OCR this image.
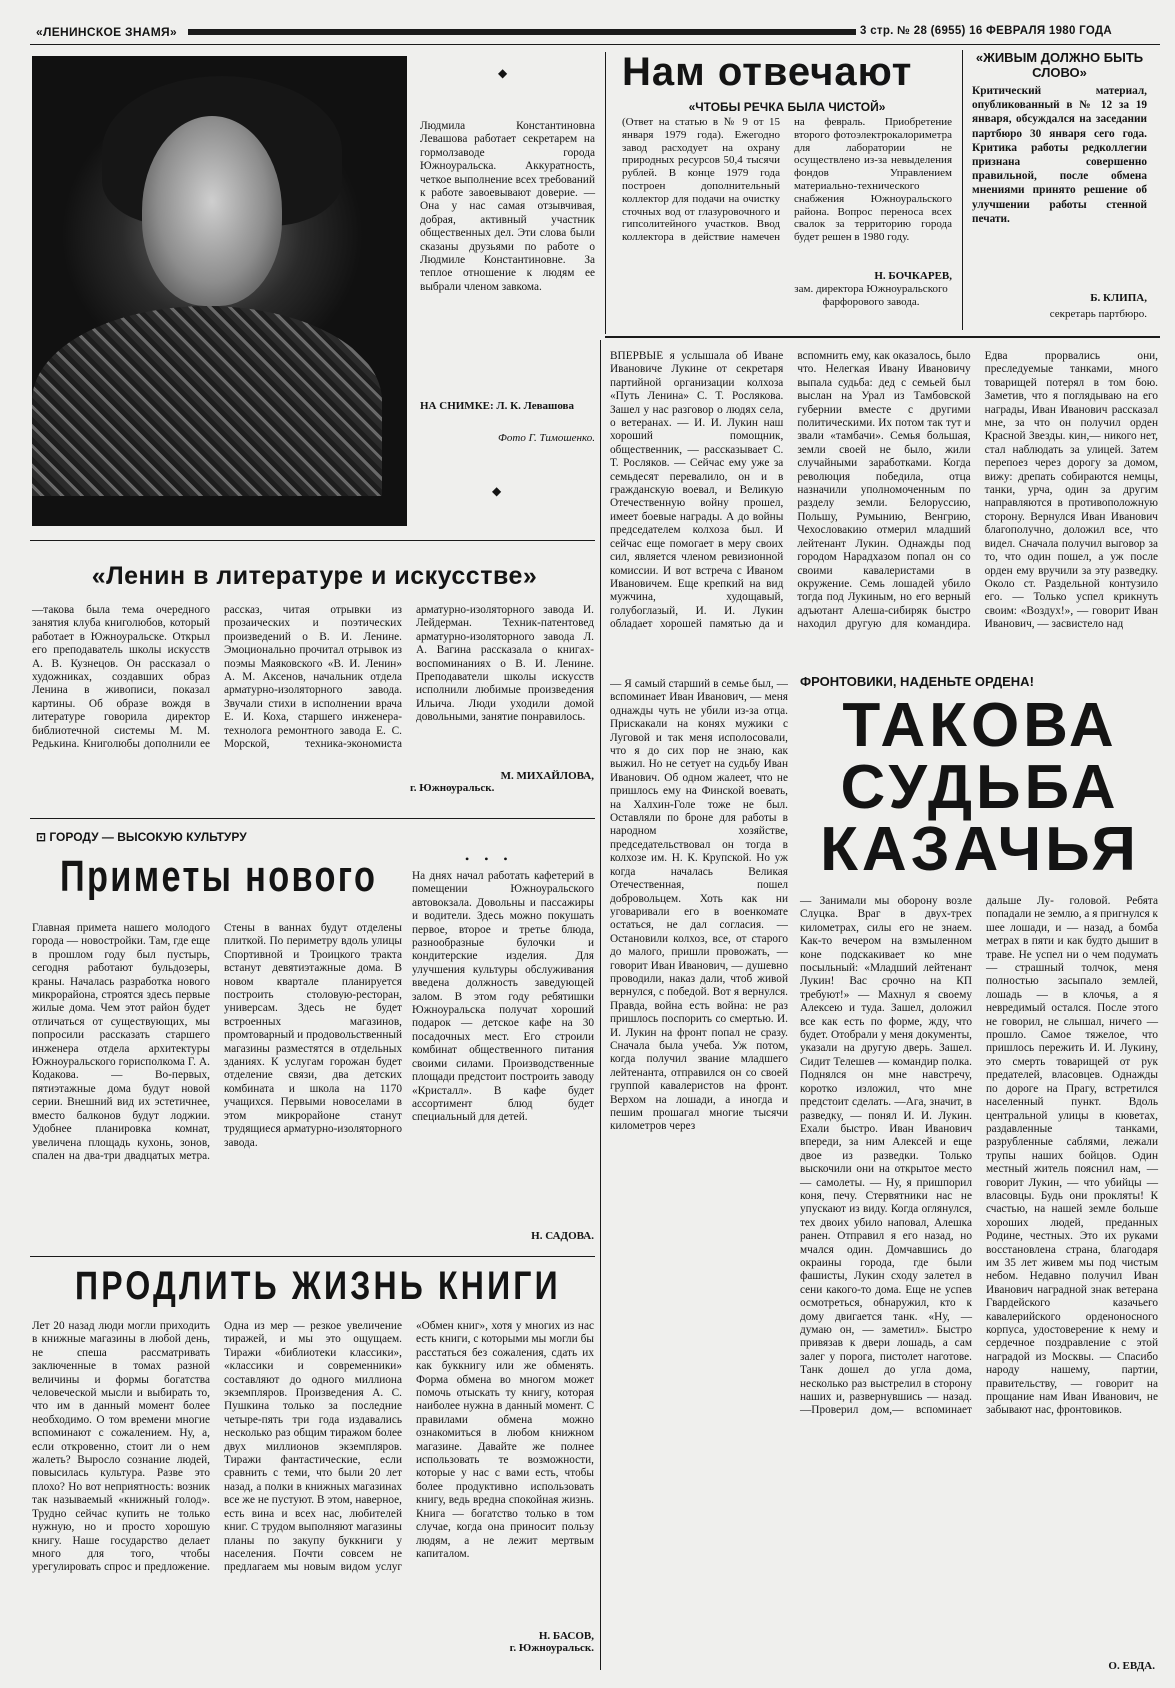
«ЛЕНИНСКОЕ ЗНАМЯ»	3 стр. № 28 (6955) 16 ФЕВРАЛЯ 1980 ГОДА
Людмила Константиновна Левашова работает секретарем на гормолзаводе города Южноуральска. Аккуратность, четкое выполнение всех требований к работе завоевывают доверие. —Она у нас самая отзывчивая, добрая, активный участник общественных дел. Эти слова были сказаны друзьями по работе о Людмиле Константиновне. За теплое отношение к людям ее выбрали членом завкома.
НА СНИМКЕ: Л. К. Левашова
Фото Г. Тимошенко.
◆
◆
Нам отвечают
«ЧТОБЫ РЕЧКА БЫЛА ЧИСТОЙ»
(Ответ на статью в № 9 от 15 января 1979 года). Ежегодно завод расходует на охрану природных ресурсов 50,4 тысячи рублей. В конце 1979 года построен дополнительный коллектор для подачи на очистку сточных вод от глазуровочного и гипсолитейного участков. Ввод коллектора в действие намечен на февраль. Приобретение второго фотоэлектрокалориметра для лаборатории не осуществлено из-за невыделения фондов Управлением материально-технического снабжения Южноуральского района. Вопрос переноса всех свалок за территорию города будет решен в 1980 году.
Н. БОЧКАРЕВ,
зам. директора Южноуральского фарфорового завода.
«ЖИВЫМ ДОЛЖНО БЫТЬ СЛОВО»
Критический материал, опубликованный в № 12 за 19 января, обсуждался на заседании партбюро 30 января сего года. Критика работы редколлегии признана совершенно правильной, после обмена мнениями принято решение об улучшении работы стенной печати.
Б. КЛИПА,
секретарь партбюро.
«Ленин в литературе и искусстве»
—такова была тема очередного занятия клуба книголюбов, который работает в Южноуральске. Открыл его преподаватель школы искусств А. В. Кузнецов. Он рассказал о художниках, создавших образ Ленина в живописи, показал картины. Об образе вождя в литературе говорила директор библиотечной системы М. М. Редькина. Книголюбы дополнили ее рассказ, читая отрывки из прозаических и поэтических произведений о В. И. Ленине. Эмоционально прочитал отрывок из поэмы Маяковского «В. И. Ленин» А. М. Аксенов, начальник отдела арматурно-изоляторного завода. Звучали стихи в исполнении врача Е. И. Коха, старшего инженера-технолога ремонтного завода Е. С. Морской, техника-экономиста арматурно-изоляторного завода И. Лейдерман. Техник-патентовед арматурно-изоляторного завода Л. А. Вагина рассказала о книгах-воспоминаниях о В. И. Ленине. Преподаватели школы искусств исполнили любимые произведения Ильича. Люди уходили домой довольными, занятие понравилось.
М. МИХАЙЛОВА,
г. Южноуральск.
⊡ ГОРОДУ — ВЫСОКУЮ КУЛЬТУРУ
Приметы нового
Главная примета нашего молодого города — новостройки. Там, где еще в прошлом году был пустырь, сегодня работают бульдозеры, краны. Началась разработка нового микрорайона, строятся здесь первые жилые дома. Чем этот район будет отличаться от существующих, мы попросили рассказать старшего инженера отдела архитектуры Южноуральского горисполкома Г. А. Кодакова. — Во-первых, пятиэтажные дома будут новой серии. Внешний вид их эстетичнее, вместо балконов будут лоджии. Удобнее планировка комнат, увеличена площадь кухонь, зонов, спален на два-три двадцатых метра. Стены в ваннах будут отделены плиткой. По периметру вдоль улицы Спортивной и Троицкого тракта встанут девятиэтажные дома. В новом квартале планируется построить столовую-ресторан, универсам. Здесь не будет встроенных магазинов, промтоварный и продовольственный магазины разместятся в отдельных зданиях. К услугам горожан будет отделение связи, два детских комбината и школа на 1170 учащихся. Первыми новоселами в этом микрорайоне станут трудящиеся арматурно-изоляторного завода.
• • •
На днях начал работать кафетерий в помещении Южноуральского автовокзала. Довольны и пассажиры и водители. Здесь можно покушать первое, второе и третье блюда, разнообразные булочки и кондитерские изделия. Для улучшения культуры обслуживания введена должность заведующей залом. В этом году ребятишки Южноуральска получат хороший подарок — детское кафе на 30 посадочных мест. Его строили комбинат общественного питания своими силами. Производственные площади предстоит построить заводу «Кристалл». В кафе будет ассортимент блюд будет специальный для детей.
Н. САДОВА.
ПРОДЛИТЬ ЖИЗНЬ КНИГИ
Лет 20 назад люди могли приходить в книжные магазины в любой день, не спеша рассматривать заключенные в томах разной величины и формы богатства человеческой мысли и выбирать то, что им в данный момент более необходимо. О том времени многие вспоминают с сожалением. Ну, а, если откровенно, стоит ли о нем жалеть? Выросло сознание людей, повысилась культура. Разве это плохо? Но вот неприятность: возник так называемый «книжный голод». Трудно сейчас купить не только нужную, но и просто хорошую книгу. Наше государство делает много для того, чтобы урегулировать спрос и предложение. Одна из мер — резкое увеличение тиражей, и мы это ощущаем. Тиражи «библиотеки классики», «классики и современники» составляют до одного миллиона экземпляров. Произведения А. С. Пушкина только за последние четыре-пять три года издавались несколько раз общим тиражом более двух миллионов экземпляров. Тиражи фантастические, если сравнить с теми, что были 20 лет назад, а полки в книжных магазинах все же не пустуют. В этом, наверное, есть вина и всех нас, любителей книг. С трудом выполняют магазины планы по закупу буккниги у населения. Почти совсем не предлагаем мы новым видом услуг «Обмен книг», хотя у многих из нас есть книги, с которыми мы могли бы расстаться без сожаления, сдать их как буккнигу или же обменять. Форма обмена во многом может помочь отыскать ту книгу, которая наиболее нужна в данный момент. С правилами обмена можно ознакомиться в любом книжном магазине. Давайте же полнее использовать те возможности, которые у нас с вами есть, чтобы более продуктивно использовать книгу, ведь вредна спокойная жизнь. Книга — богатство только в том случае, когда она приносит пользу людям, а не лежит мертвым капиталом.
Н. БАСОВ,
г. Южноуральск.
ВПЕРВЫЕ я услышала об Иване Ивановиче Лукине от секретаря партийной организации колхоза «Путь Ленина» С. Т. Рослякова. Зашел у нас разговор о людях села, о ветеранах. — И. И. Лукин наш хороший помощник, общественник, — рассказывает С. Т. Росляков. — Сейчас ему уже за семьдесят перевалило, он и в гражданскую воевал, и Великую Отечественную войну прошел, имеет боевые награды. А до войны председателем колхоза был. И сейчас еще помогает в меру своих сил, является членом ревизионной комиссии. И вот встреча с Иваном Ивановичем. Еще крепкий на вид мужчина, худощавый, голубоглазый, И. И. Лукин обладает хорошей памятью да и вспомнить ему, как оказалось, было что. Нелегкая Ивану Ивановичу выпала судьба: дед с семьей был выслан на Урал из Тамбовской губернии вместе с другими политическими. Их потом так тут и звали «тамбачи». Семья большая, земли своей не было, жили случайными заработками. Когда революция победила, отца назначили уполномоченным по разделу земли. Белоруссию, Польшу, Румынию, Венгрию, Чехословакию отмерил младший лейтенант Лукин. Однажды под городом Нарадхазом попал он со своими кавалеристами в окружение. Семь лошадей убило тогда под Лукиным, но его верный адъютант Алеша-сибиряк быстро находил другую для командира. Едва прорвались они, преследуемые танками, много товарищей потерял в том бою. Заметив, что я поглядываю на его награды, Иван Иванович рассказал мне, за что он получил орден Красной Звезды. кин,— никого нет, стал наблюдать за улицей. Затем перепоез через дорогу за домом, вижу: дрепать собираются немцы, танки, урча, один за другим направляются в противоположную сторону. Вернулся Иван Иванович благополучно, доложил все, что видел. Сначала получил выговор за то, что один пошел, а уж после орден ему вручили за эту разведку. Около ст. Раздельной контузило его. — Только успел крикнуть своим: «Воздух!», — говорит Иван Иванович, — засвистело над
ФРОНТОВИКИ, НАДЕНЬТЕ ОРДЕНА!
ТАКОВА
СУДЬБА
КАЗАЧЬЯ
— Я самый старший в семье был, — вспоминает Иван Иванович, — меня однажды чуть не убили из-за отца. Прискакали на конях мужики с Луговой и так меня исполосовали, что я до сих пор не знаю, как выжил. Но не сетует на судьбу Иван Иванович. Об одном жалеет, что не пришлось ему на Финской воевать, на Халхин-Голе тоже не был. Оставляли по броне для работы в народном хозяйстве, председательствовал он тогда в колхозе им. Н. К. Крупской. Но уж когда началась Великая Отечественная, пошел добровольцем. Хоть как ни уговаривали его в военкомате остаться, не дал согласия. — Остановили колхоз, все, от старого до малого, пришли провожать, — говорит Иван Иванович, — душевно проводили, наказ дали, чтоб живой вернулся, с победой. Вот я вернулся. Правда, война есть война: не раз пришлось поспорить со смертью. И. И. Лукин на фронт попал не сразу. Сначала была учеба. Уж потом, когда получил звание младшего лейтенанта, отправился он со своей группой кавалеристов на фронт. Верхом на лошади, а иногда и пешим прошагал многие тысячи километров через
— Занимали мы оборону возле Слуцка. Враг в двух-трех километрах, силы его не знаем. Как-то вечером на взмыленном коне подскакивает ко мне посыльный: «Младший лейтенант Лукин! Вас срочно на КП требуют!» — Махнул я своему Алексею и туда. Зашел, доложил все как есть по форме, жду, что будет. Отобрали у меня документы, указали на другую дверь. Зашел. Сидит Телешев — командир полка. Поднялся он мне навстречу, коротко изложил, что мне предстоит сделать. —Ага, значит, в разведку, — понял И. И. Лукин. Ехали быстро. Иван Иванович впереди, за ним Алексей и еще двое из разведки. Только выскочили они на открытое место — самолеты. — Ну, я пришпорил коня, печу. Стервятники нас не упускают из виду. Когда оглянулся, тех двоих убило наповал, Алешка ранен. Отправил я его назад, но мчался один. Домчавшись до окраины города, где были фашисты, Лукин сходу залетел в сени какого-то дома. Еще не успев осмотреться, обнаружил, кто к дому двигается танк. «Ну, — думаю он, — заметил». Быстро привязав к двери лошадь, а сам залег у порога, пистолет наготове. Танк дошел до угла дома, несколько раз выстрелил в сторону наших и, развернувшись — назад. —Проверил дом,— вспоминает дальше Лу- головой. Ребята попадали не землю, а я пригнулся к шее лошади, и — назад, а бомба метрах в пяти и как будто дышит в траве. Не успел ни о чем подумать — страшный толчок, меня полностью засыпало землей, лошадь — в клочья, а я невредимый остался. После этого не говорил, не слышал, ничего — прошло. Самое тяжелое, что пришлось пережить И. И. Лукину, это смерть товарищей от рук предателей, власовцев. Однажды по дороге на Прагу, встретился населенный пункт. Вдоль центральной улицы в кюветах, раздавленные танками, разрубленные саблями, лежали трупы наших бойцов. Один местный житель пояснил нам, — говорит Лукин, — что убийцы — власовцы. Будь они прокляты! К счастью, на нашей земле больше хороших людей, преданных Родине, честных. Это их руками восстановлена страна, благодаря им 35 лет живем мы под чистым небом. Недавно получил Иван Иванович наградной знак ветерана Гвардейского казачьего кавалерийского орденоносного корпуса, удостоверение к нему и сердечное поздравление с этой наградой из Москвы. — Спасибо народу нашему, партии, правительству, — говорит на прощание нам Иван Иванович, не забывают нас, фронтовиков.
О. ЕВДА.
